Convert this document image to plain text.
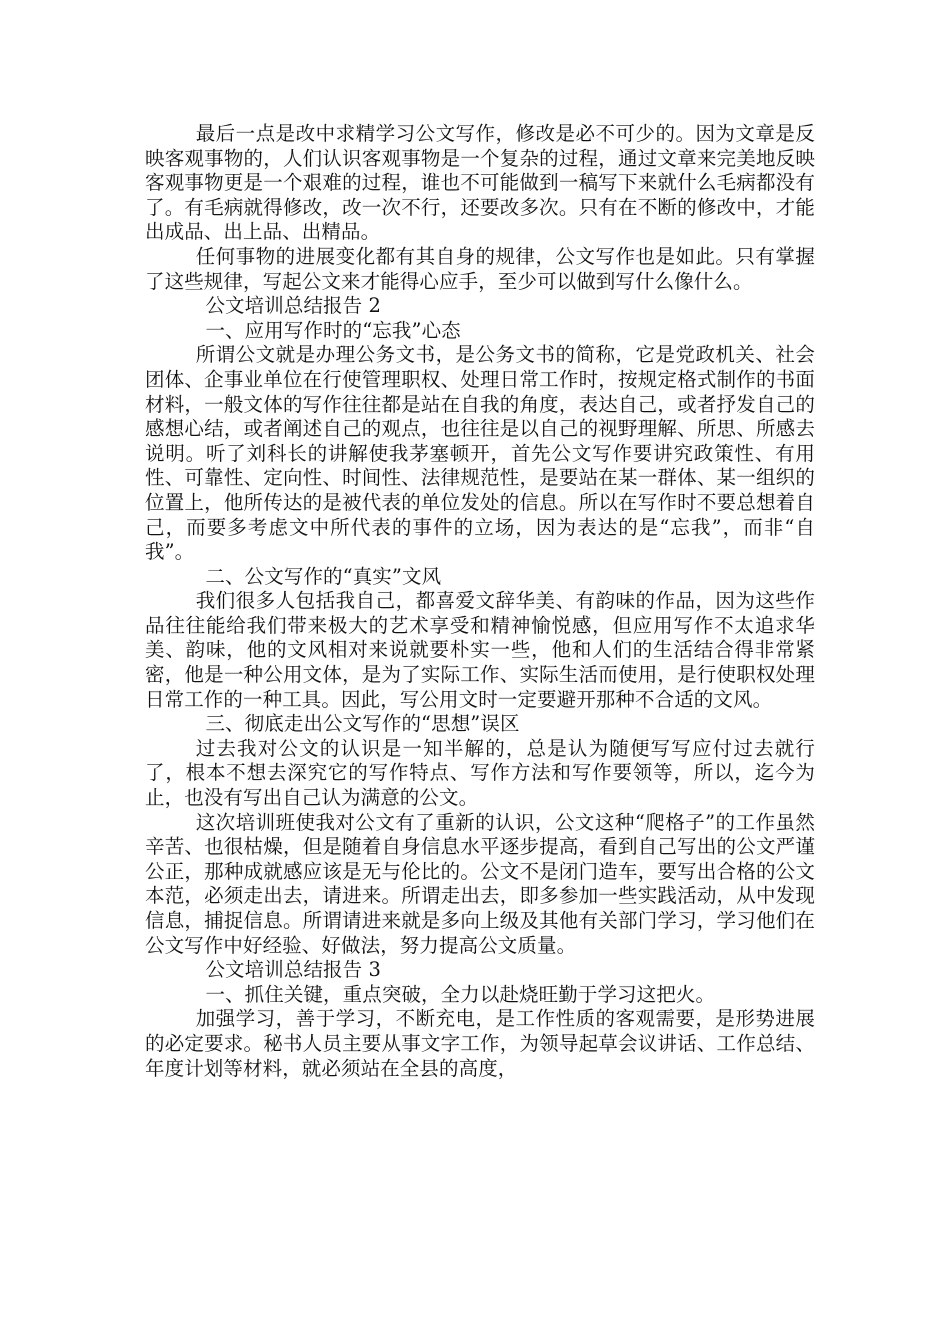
最后一点是改中求精学习公文写作，修改是必不可少的。因为文章是反映客观事物的，人们认识客观事物是一个复杂的过程，通过文章来完美地反映客观事物更是一个艰难的过程，谁也不可能做到一稿写下来就什么毛病都没有了。有毛病就得修改，改一次不行，还要改多次。只有在不断的修改中，才能出成品、出上品、出精品。

任何事物的进展变化都有其自身的规律，公文写作也是如此。只有掌握了这些规律，写起公文来才能得心应手，至少可以做到写什么像什么。

公文培训总结报告 2

一、应用写作时的“忘我”心态

所谓公文就是办理公务文书，是公务文书的简称，它是党政机关、社会团体、企事业单位在行使管理职权、处理日常工作时，按规定格式制作的书面材料，一般文体的写作往往都是站在自我的角度，表达自己，或者抒发自己的感想心结，或者阐述自己的观点，也往往是以自己的视野理解、所思、所感去说明。听了刘科长的讲解使我茅塞顿开，首先公文写作要讲究政策性、有用性、可靠性、定向性、时间性、法律规范性，是要站在某一群体、某一组织的位置上，他所传达的是被代表的单位发处的信息。所以在写作时不要总想着自己，而要多考虑文中所代表的事件的立场，因为表达的是“忘我”，而非“自我”。

二、公文写作的“真实”文风

我们很多人包括我自己，都喜爱文辞华美、有韵味的作品，因为这些作品往往能给我们带来极大的艺术享受和精神愉悦感，但应用写作不太追求华美、韵味，他的文风相对来说就要朴实一些，他和人们的生活结合得非常紧密，他是一种公用文体，是为了实际工作、实际生活而使用，是行使职权处理日常工作的一种工具。因此，写公用文时一定要避开那种不合适的文风。

三、彻底走出公文写作的“思想”误区

过去我对公文的认识是一知半解的，总是认为随便写写应付过去就行了，根本不想去深究它的写作特点、写作方法和写作要领等，所以，迄今为止，也没有写出自己认为满意的公文。

这次培训班使我对公文有了重新的认识，公文这种“爬格子”的工作虽然辛苦、也很枯燥，但是随着自身信息水平逐步提高，看到自己写出的公文严谨公正，那种成就感应该是无与伦比的。公文不是闭门造车，要写出合格的公文本范，必须走出去，请进来。所谓走出去，即多参加一些实践活动，从中发现信息，捕捉信息。所谓请进来就是多向上级及其他有关部门学习，学习他们在公文写作中好经验、好做法，努力提高公文质量。

公文培训总结报告 3

一、抓住关键，重点突破，全力以赴烧旺勤于学习这把火。

加强学习，善于学习，不断充电，是工作性质的客观需要，是形势进展的必定要求。秘书人员主要从事文字工作，为领导起草会议讲话、工作总结、年度计划等材料，就必须站在全县的高度，
